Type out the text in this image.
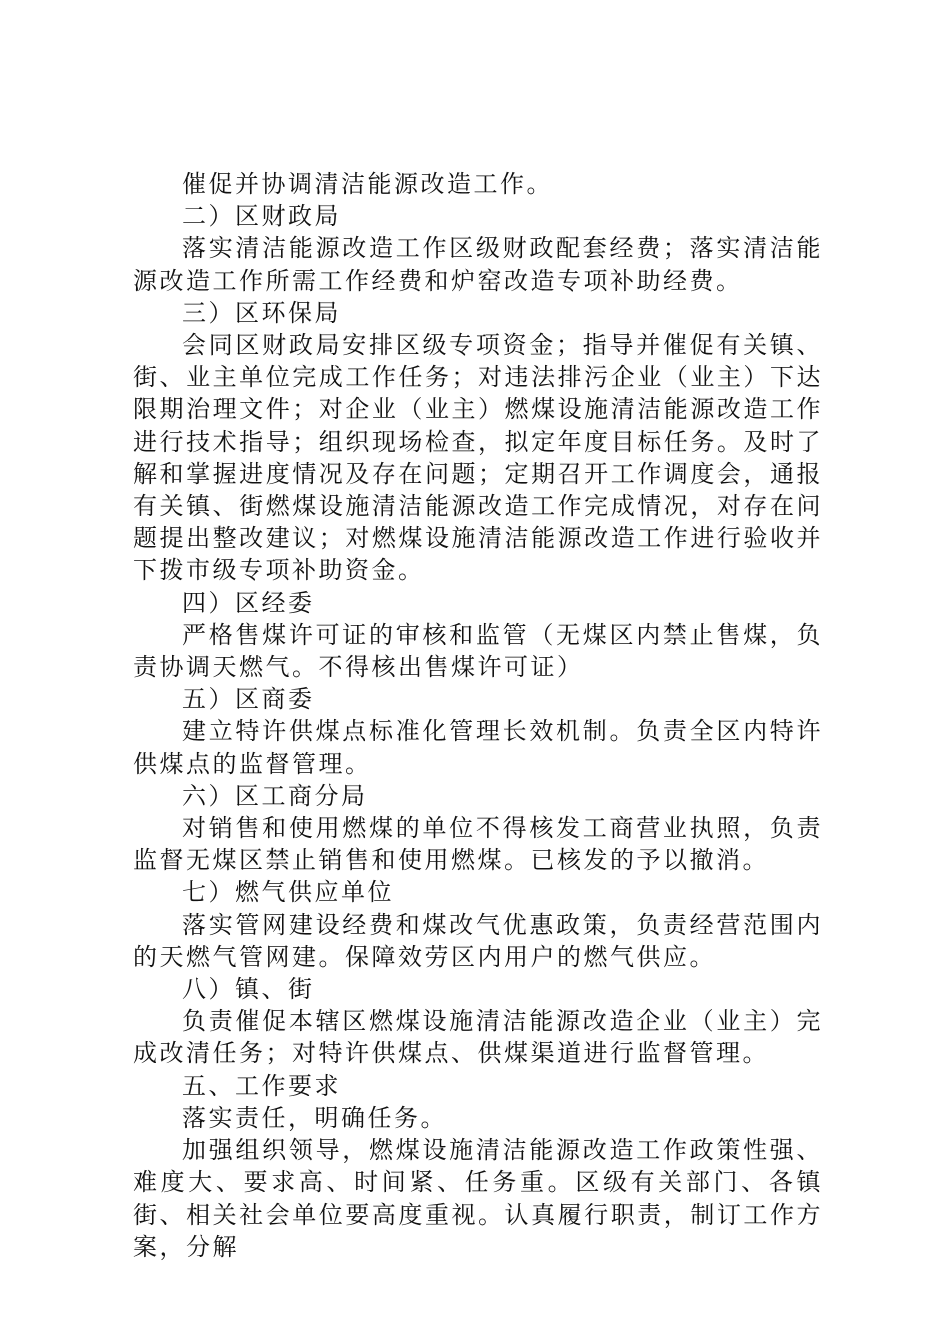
催促并协调清洁能源改造工作。

二）区财政局

落实清洁能源改造工作区级财政配套经费；落实清洁能源改造工作所需工作经费和炉窑改造专项补助经费。

三）区环保局

会同区财政局安排区级专项资金；指导并催促有关镇、街、业主单位完成工作任务；对违法排污企业（业主）下达限期治理文件；对企业（业主）燃煤设施清洁能源改造工作进行技术指导；组织现场检查，拟定年度目标任务。及时了解和掌握进度情况及存在问题；定期召开工作调度会，通报有关镇、街燃煤设施清洁能源改造工作完成情况，对存在问题提出整改建议；对燃煤设施清洁能源改造工作进行验收并下拨市级专项补助资金。

四）区经委

严格售煤许可证的审核和监管（无煤区内禁止售煤，负责协调天燃气。不得核出售煤许可证）

五）区商委

建立特许供煤点标准化管理长效机制。负责全区内特许供煤点的监督管理。

六）区工商分局

对销售和使用燃煤的单位不得核发工商营业执照，负责监督无煤区禁止销售和使用燃煤。已核发的予以撤消。

七）燃气供应单位

落实管网建设经费和煤改气优惠政策，负责经营范围内的天燃气管网建。保障效劳区内用户的燃气供应。

八）镇、街

负责催促本辖区燃煤设施清洁能源改造企业（业主）完成改清任务；对特许供煤点、供煤渠道进行监督管理。

五、工作要求

落实责任，明确任务。

加强组织领导，燃煤设施清洁能源改造工作政策性强、难度大、要求高、时间紧、任务重。区级有关部门、各镇街、相关社会单位要高度重视。认真履行职责，制订工作方案，分解
